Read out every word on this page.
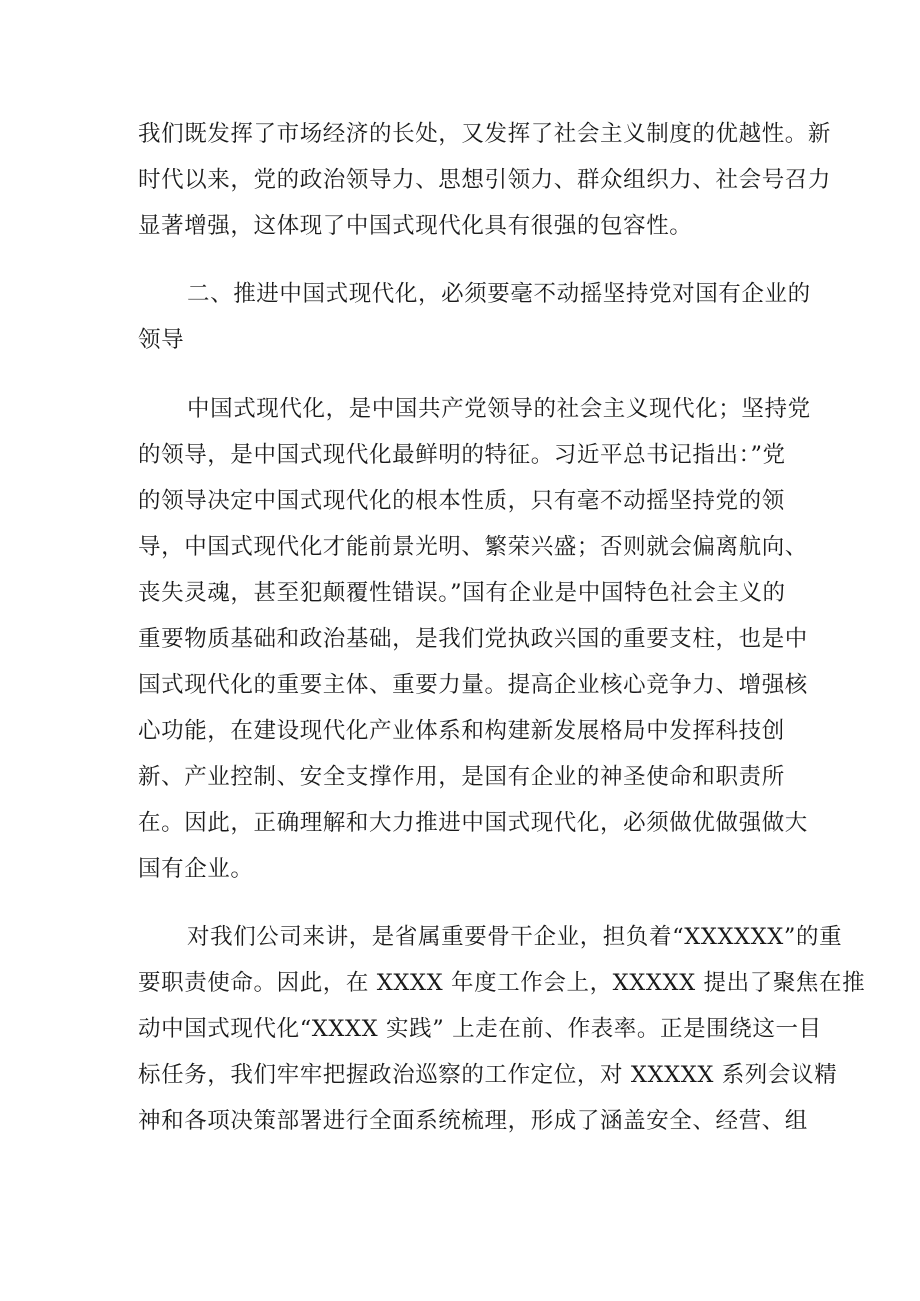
我们既发挥了市场经济的长处，又发挥了社会主义制度的优越性。新
时代以来，党的政治领导力、思想引领力、群众组织力、社会号召力
显著增强，这体现了中国式现代化具有很强的包容性。
二、推进中国式现代化，必须要毫不动摇坚持党对国有企业的
领导
中国式现代化，是中国共产党领导的社会主义现代化；坚持党
的领导，是中国式现代化最鲜明的特征。习近平总书记指出：”党
的领导决定中国式现代化的根本性质，只有毫不动摇坚持党的领
导，中国式现代化才能前景光明、繁荣兴盛；否则就会偏离航向、
丧失灵魂，甚至犯颠覆性错误。”国有企业是中国特色社会主义的
重要物质基础和政治基础，是我们党执政兴国的重要支柱，也是中
国式现代化的重要主体、重要力量。提高企业核心竞争力、增强核
心功能，在建设现代化产业体系和构建新发展格局中发挥科技创
新、产业控制、安全支撑作用，是国有企业的神圣使命和职责所
在。因此，正确理解和大力推进中国式现代化，必须做优做强做大
国有企业。
对我们公司来讲，是省属重要骨干企业，担负着“XXXXXX”的重
要职责使命。因此，在 XXXX 年度工作会上，XXXXX 提出了聚焦在推
动中国式现代化“XXXX 实践” 上走在前、作表率。正是围绕这一目
标任务，我们牢牢把握政治巡察的工作定位，对 XXXXX 系列会议精
神和各项决策部署进行全面系统梳理，形成了涵盖安全、经营、组
